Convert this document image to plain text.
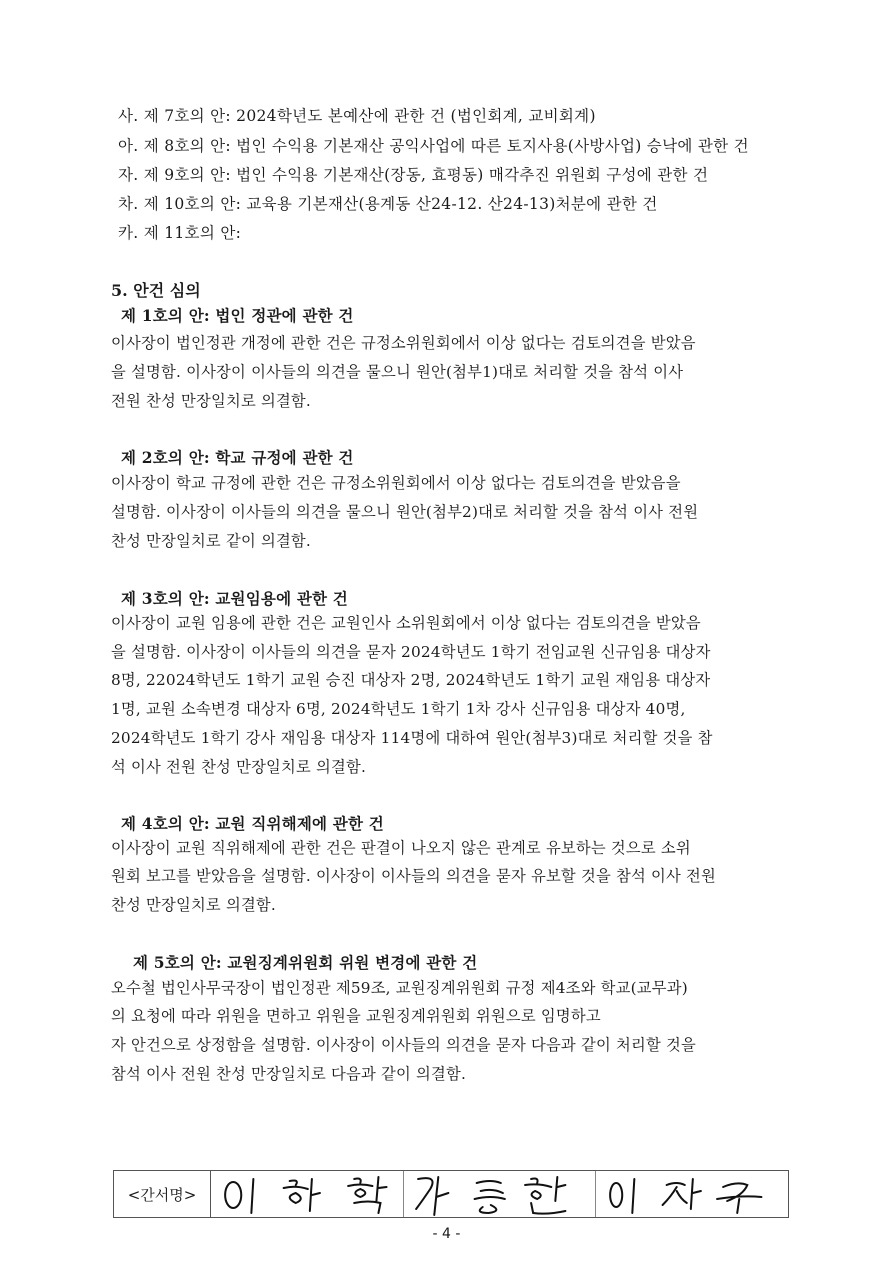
사. 제 7호의 안: 2024학년도 본예산에 관한 건 (법인회계, 교비회계)
아. 제 8호의 안: 법인 수익용 기본재산 공익사업에 따른 토지사용(사방사업) 승낙에 관한 건
자. 제 9호의 안: 법인 수익용 기본재산(장동, 효평동) 매각추진 위원회 구성에 관한 건
차. 제 10호의 안: 교육용 기본재산(용계동 산24-12. 산24-13)처분에 관한 건
카. 제 11호의 안:
5. 안건 심의
제 1호의 안: 법인 정관에 관한 건
이사장이 법인정관 개정에 관한 건은 규정소위원회에서 이상 없다는 검토의견을 받았음
을 설명함. 이사장이 이사들의 의견을 물으니 원안(첨부1)대로 처리할 것을 참석 이사
전원 찬성 만장일치로 의결함.
제 2호의 안: 학교 규정에 관한 건
이사장이 학교 규정에 관한 건은 규정소위원회에서 이상 없다는 검토의견을 받았음을
설명함. 이사장이 이사들의 의견을 물으니 원안(첨부2)대로 처리할 것을 참석 이사 전원
찬성 만장일치로 같이 의결함.
제 3호의 안: 교원임용에 관한 건
이사장이 교원 임용에 관한 건은 교원인사 소위원회에서 이상 없다는 검토의견을 받았음
을 설명함. 이사장이 이사들의 의견을 묻자 2024학년도 1학기 전임교원 신규임용 대상자
8명, 22024학년도 1학기 교원 승진 대상자 2명, 2024학년도 1학기 교원 재임용 대상자
1명, 교원 소속변경 대상자 6명, 2024학년도 1학기 1차 강사 신규임용 대상자 40명,
2024학년도 1학기 강사 재임용 대상자 114명에 대하여 원안(첨부3)대로 처리할 것을 참
석 이사 전원 찬성 만장일치로 의결함.
제 4호의 안: 교원 직위해제에 관한 건
이사장이 교원 직위해제에 관한 건은 판결이 나오지 않은 관계로 유보하는 것으로 소위
원회 보고를 받았음을 설명함. 이사장이 이사들의 의견을 묻자 유보할 것을 참석 이사 전원
찬성 만장일치로 의결함.
제 5호의 안: 교원징계위원회 위원 변경에 관한 건
오수철 법인사무국장이 법인정관 제59조, 교원징계위원회 규정 제4조와 학교(교무과)
의 요청에 따라 위원을 면하고 위원을 교원징계위원회 위원으로 임명하고
자 안건으로 상정함을 설명함. 이사장이 이사들의 의견을 묻자 다음과 같이 처리할 것을
참석 이사 전원 찬성 만장일치로 다음과 같이 의결함.
<간서명>
- 4 -
